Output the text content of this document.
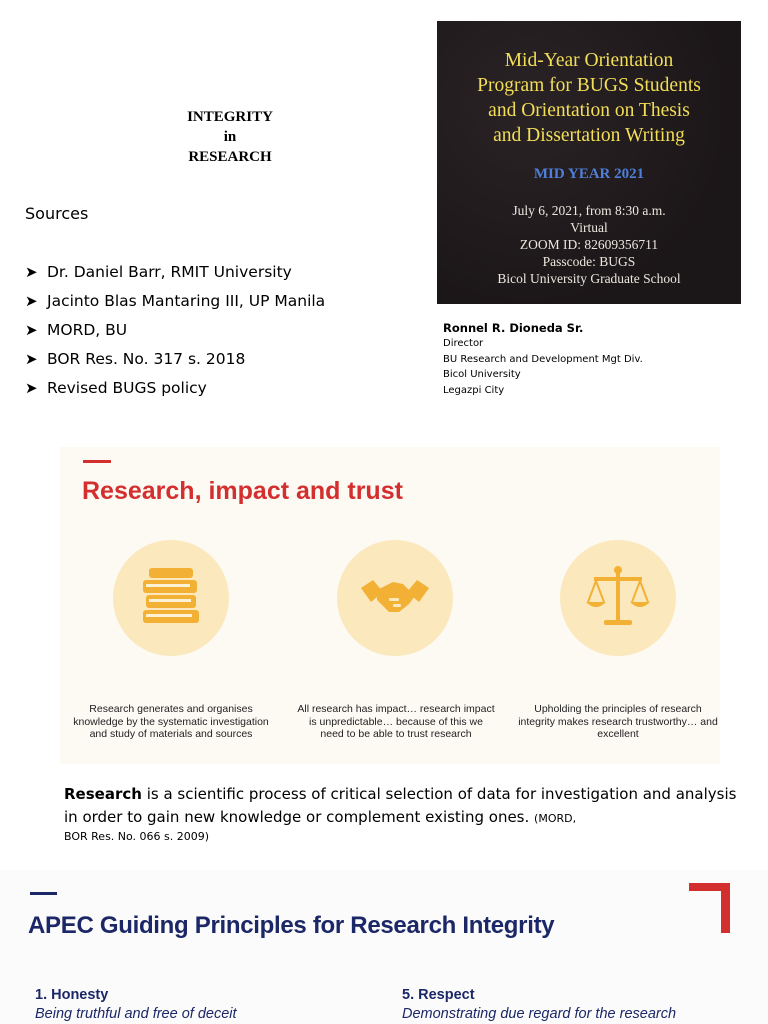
INTEGRITY
in
RESEARCH
Sources
➤ Dr. Daniel Barr, RMIT University
➤ Jacinto Blas Mantaring III, UP Manila
➤ MORD, BU
➤ BOR Res. No. 317 s. 2018
➤ Revised BUGS policy
Mid-Year Orientation
Program for BUGS Students
and Orientation on Thesis
and Dissertation Writing
MID YEAR 2021
July 6, 2021, from 8:30 a.m.
Virtual
ZOOM ID: 82609356711
Passcode: BUGS
Bicol University Graduate School
Ronnel R. Dioneda Sr.
Director
BU Research and Development Mgt Div.
Bicol University
Legazpi City
Research, impact and trust
Research generates and organises knowledge by the systematic investigation and study of materials and sources
All research has impact… research impact is unpredictable… because of this we need to be able to trust research
Upholding the principles of research integrity makes research trustworthy… and excellent
Research is a scientific process of critical selection of data for investigation and analysis in order to gain new knowledge or complement existing ones. (MORD,
BOR Res. No. 066 s. 2009)
APEC Guiding Principles for Research Integrity
1. Honesty
Being truthful and free of deceit
5. Respect
Demonstrating due regard for the research
